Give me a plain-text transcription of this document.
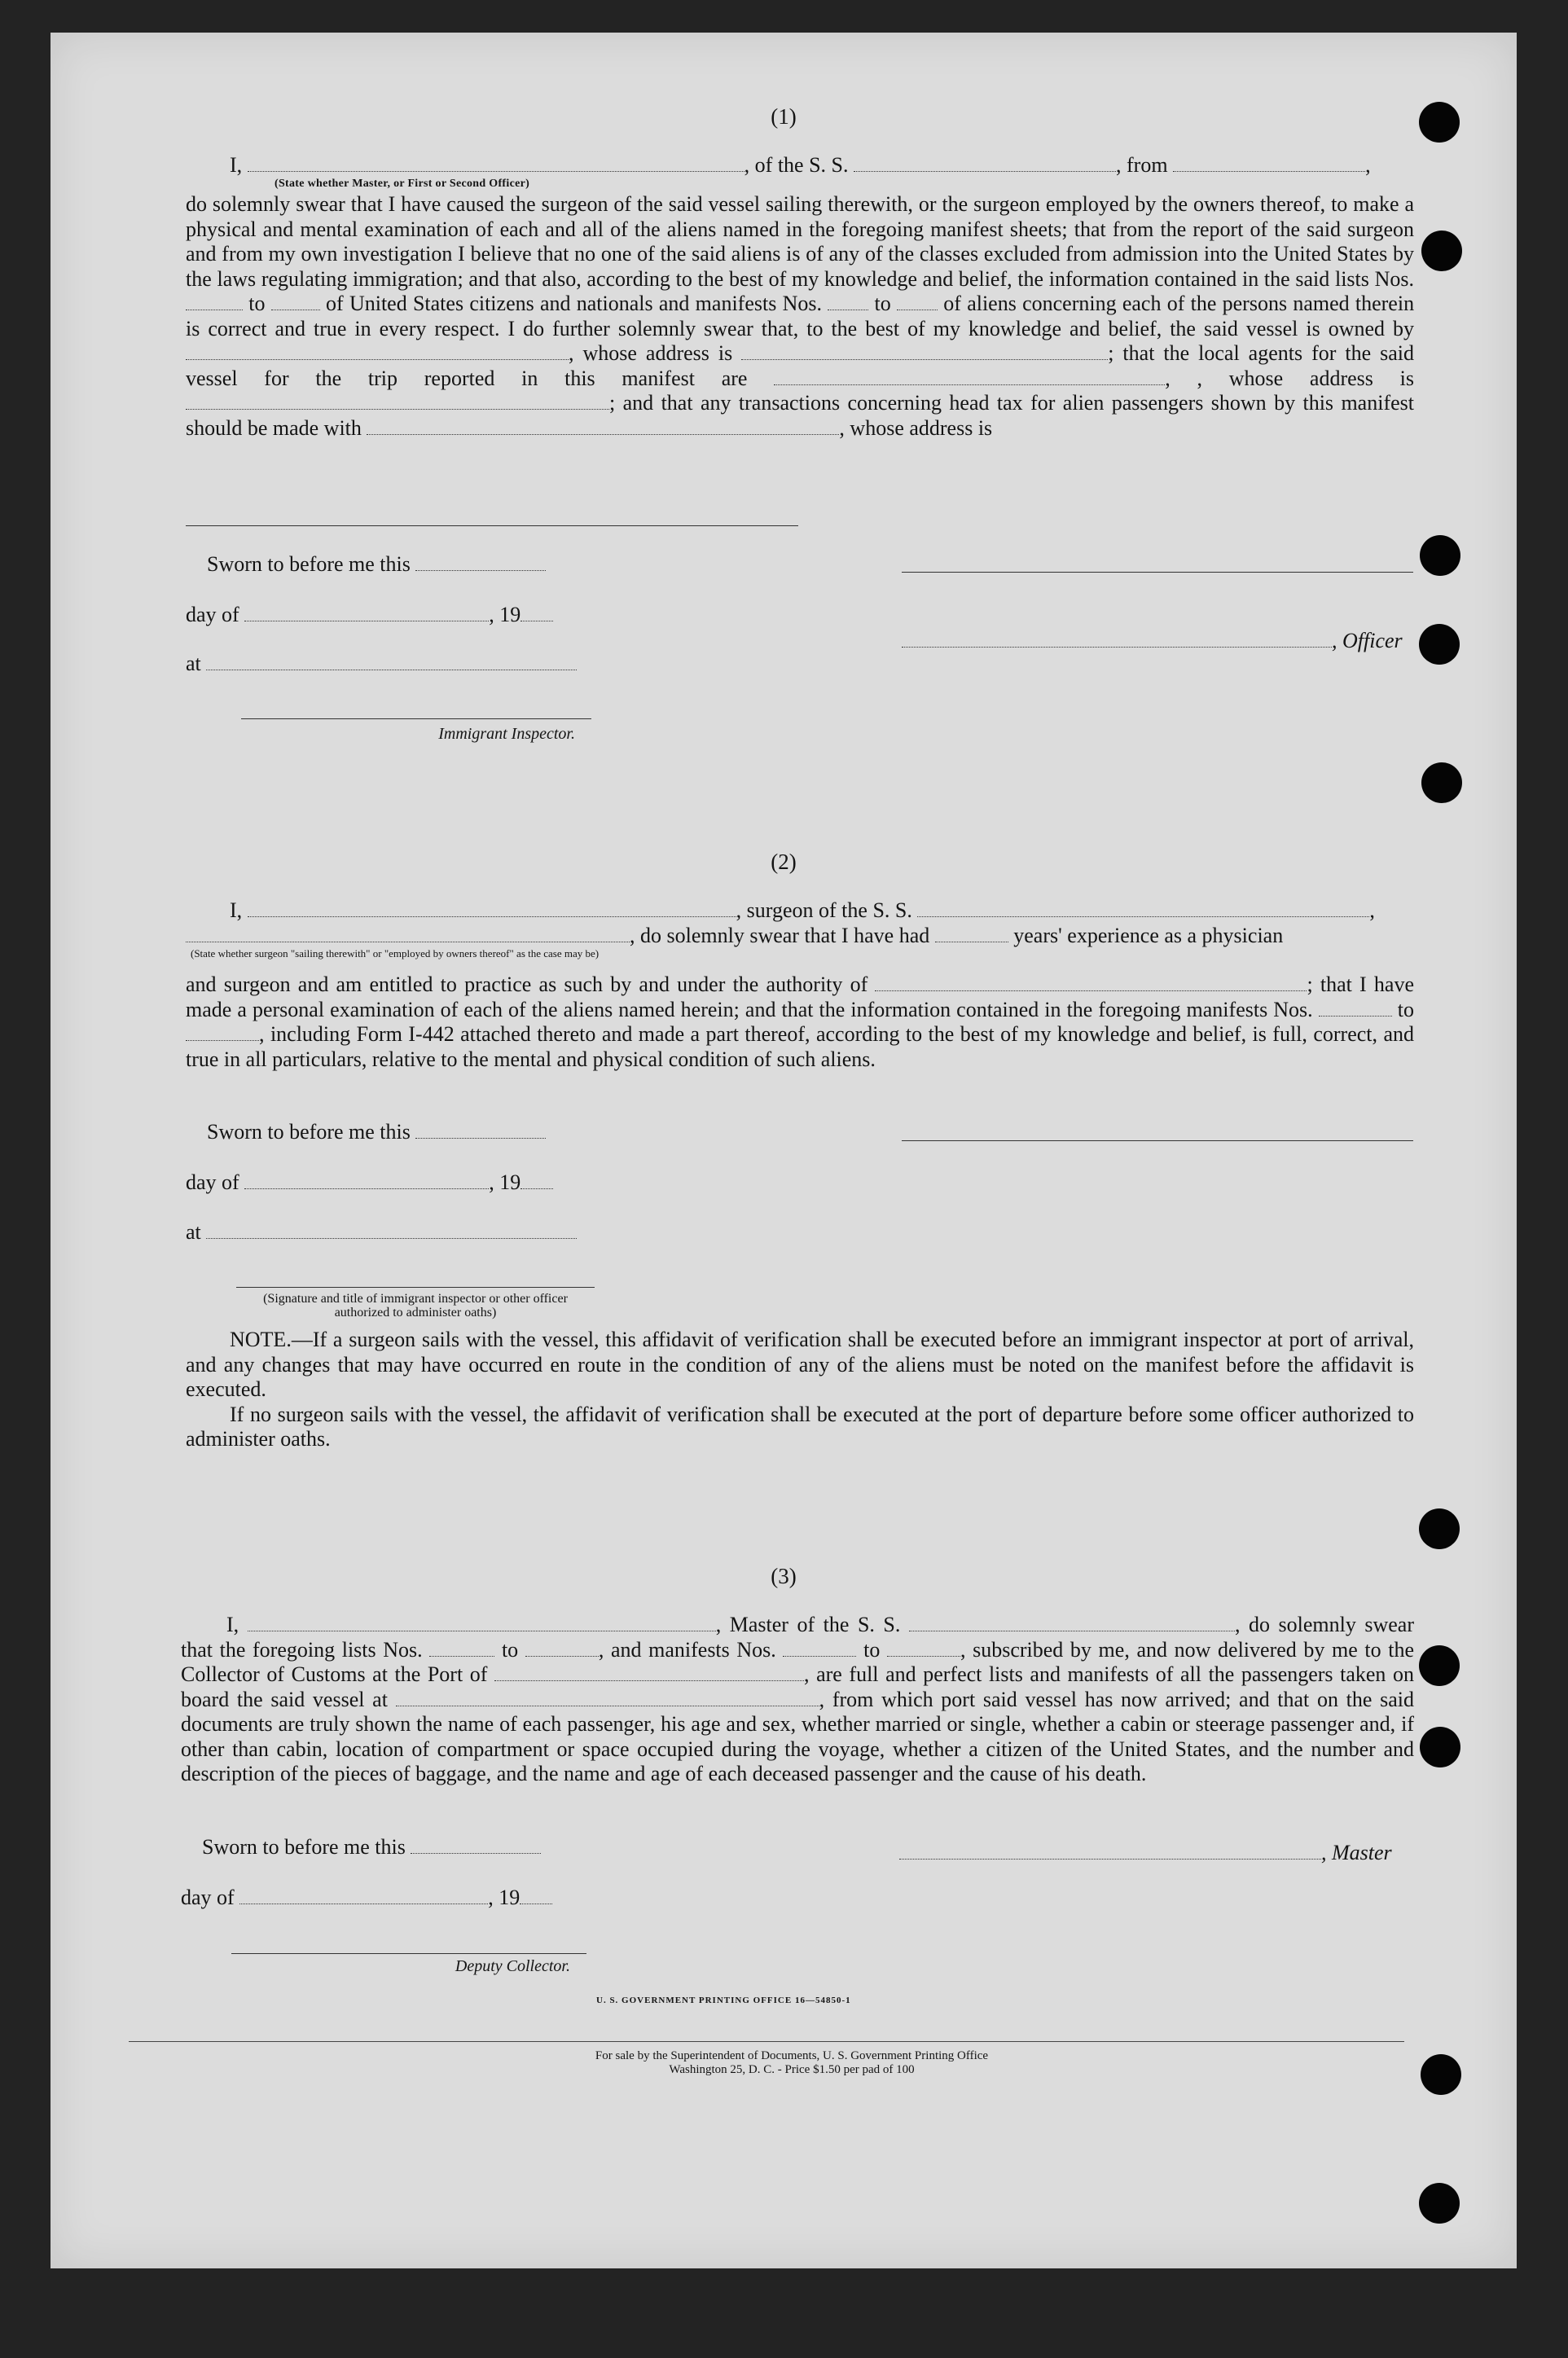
(1)
I,	, of the S. S.	, from	,
(State whether Master, or First or Second Officer)
do solemnly swear that I have caused the surgeon of the said vessel sailing therewith, or the surgeon employed by the owners thereof, to make a physical and mental examination of each and all of the aliens named in the foregoing manifest sheets; that from the report of the said surgeon and from my own investigation I believe that no one of the said aliens is of any of the classes excluded from admission into the United States by the laws regulating immigration; and that also, according to the best of my knowledge and belief, the information contained in the said lists Nos.  to	of United States citizens and nationals and manifests Nos. to of aliens concerning each of the persons named therein is correct and true in every respect. I do further solemnly swear that, to the best of my knowledge and belief, the said vessel is owned by , whose address is	; that the local agents for the said vessel for the trip reported in this manifest are	, , whose address is ; and that any transactions concerning head tax for alien passengers shown by this manifest should be made with	, whose address is
Sworn to before me this
day of	, 19
at
Immigrant Inspector.
, Officer
(2)
I,	, surgeon of the S. S.	,
, do solemnly swear that I have had	years' experience as a physician
(State whether surgeon "sailing therewith" or "employed by owners thereof" as the case may be)
and surgeon and am entitled to practice as such by and under the authority of	; that I have made a personal examination of each of the aliens named herein; and that the information contained in the foregoing manifests Nos.	to , including Form I-442 attached thereto and made a part thereof, according to the best of my knowledge and belief, is full, correct, and true in all particulars, relative to the mental and physical condition of such aliens.
Sworn to before me this
day of	, 19
at
(Signature and title of immigrant inspector or other officer authorized to administer oaths)
NOTE.—If a surgeon sails with the vessel, this affidavit of verification shall be executed before an immigrant inspector at port of arrival, and any changes that may have occurred en route in the condition of any of the aliens must be noted on the manifest before the affidavit is executed.
If no surgeon sails with the vessel, the affidavit of verification shall be executed at the port of departure before some officer authorized to administer oaths.
(3)
I,	, Master of the S. S.	, do solemnly swear that the foregoing lists Nos.	to	, and manifests Nos.	to	, subscribed by me, and now delivered by me to the Collector of Customs at the Port of	, are full and perfect lists and manifests of all the passengers taken on board the said vessel at	, from which port said vessel has now arrived; and that on the said documents are truly shown the name of each passenger, his age and sex, whether married or single, whether a cabin or steerage passenger and, if other than cabin, location of compartment or space occupied during the voyage, whether a citizen of the United States, and the number and description of the pieces of baggage, and the name and age of each deceased passenger and the cause of his death.
Sworn to before me this
day of	, 19
Deputy Collector.
, Master
U. S. GOVERNMENT PRINTING OFFICE 16—54850-1
For sale by the Superintendent of Documents, U. S. Government Printing Office
Washington 25, D. C. - Price $1.50 per pad of 100
